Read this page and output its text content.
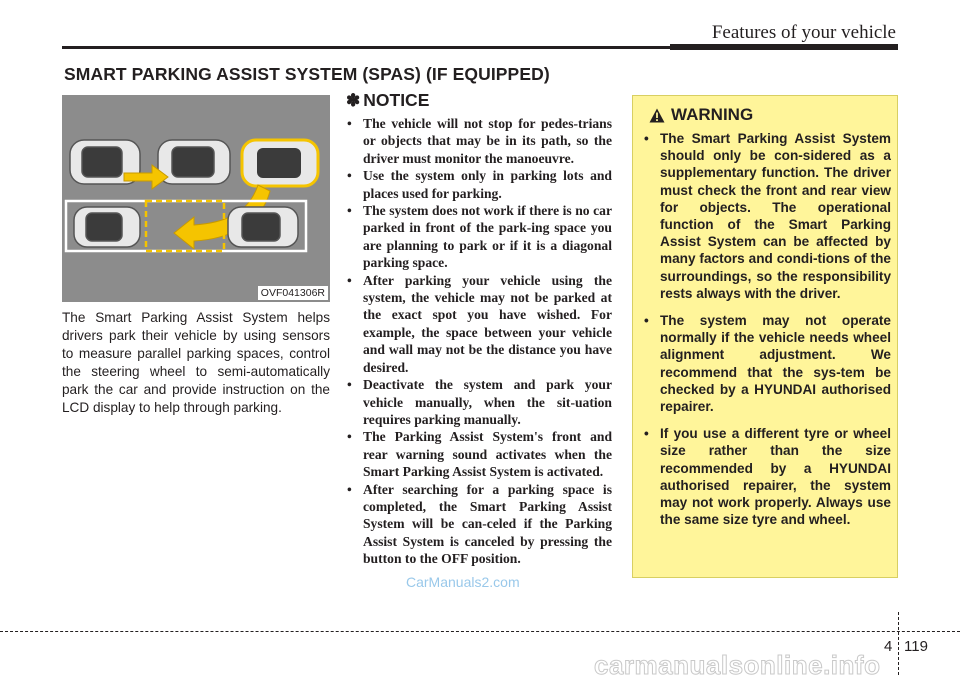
Features of your vehicle
SMART PARKING ASSIST SYSTEM (SPAS) (IF EQUIPPED)
OVF041306R

The Smart Parking Assist System helps drivers park their vehicle by using sensors to measure parallel parking spaces, control the steering wheel to semi-automatically park the car and provide instruction on the LCD display to help through parking.

✽ NOTICE
• The vehicle will not stop for pedes-trians or objects that may be in its path, so the driver must monitor the manoeuvre.
• Use the system only in parking lots and places used for parking.
• The system does not work if there is no car parked in front of the park-ing space you are planning to park or if it is a diagonal parking space.
• After parking your vehicle using the system, the vehicle may not be parked at the exact spot you have wished. For example, the space between your vehicle and wall may not be the distance you have desired.
• Deactivate the system and park your vehicle manually, when the sit-uation requires parking manually.
• The Parking Assist System's front and rear warning sound activates when the Smart Parking Assist System is activated.
• After searching for a parking space is completed, the Smart Parking Assist System will be can-celed if the Parking Assist System is canceled by pressing the button to the OFF position.
WARNING
• The Smart Parking Assist System should only be con-sidered as a supplementary function. The driver must check the front and rear view for objects. The operational function of the Smart Parking Assist System can be affected by many factors and condi-tions of the surroundings, so the responsibility rests always with the driver.
• The system may not operate normally if the vehicle needs wheel alignment adjustment. We recommend that the sys-tem be checked by a HYUNDAI authorised repairer.
• If you use a different tyre or wheel size rather than the size recommended by a HYUNDAI authorised repairer, the system may not work properly. Always use the same size tyre and wheel.
CarManuals2.com
4 119
carmanualsonline.info
